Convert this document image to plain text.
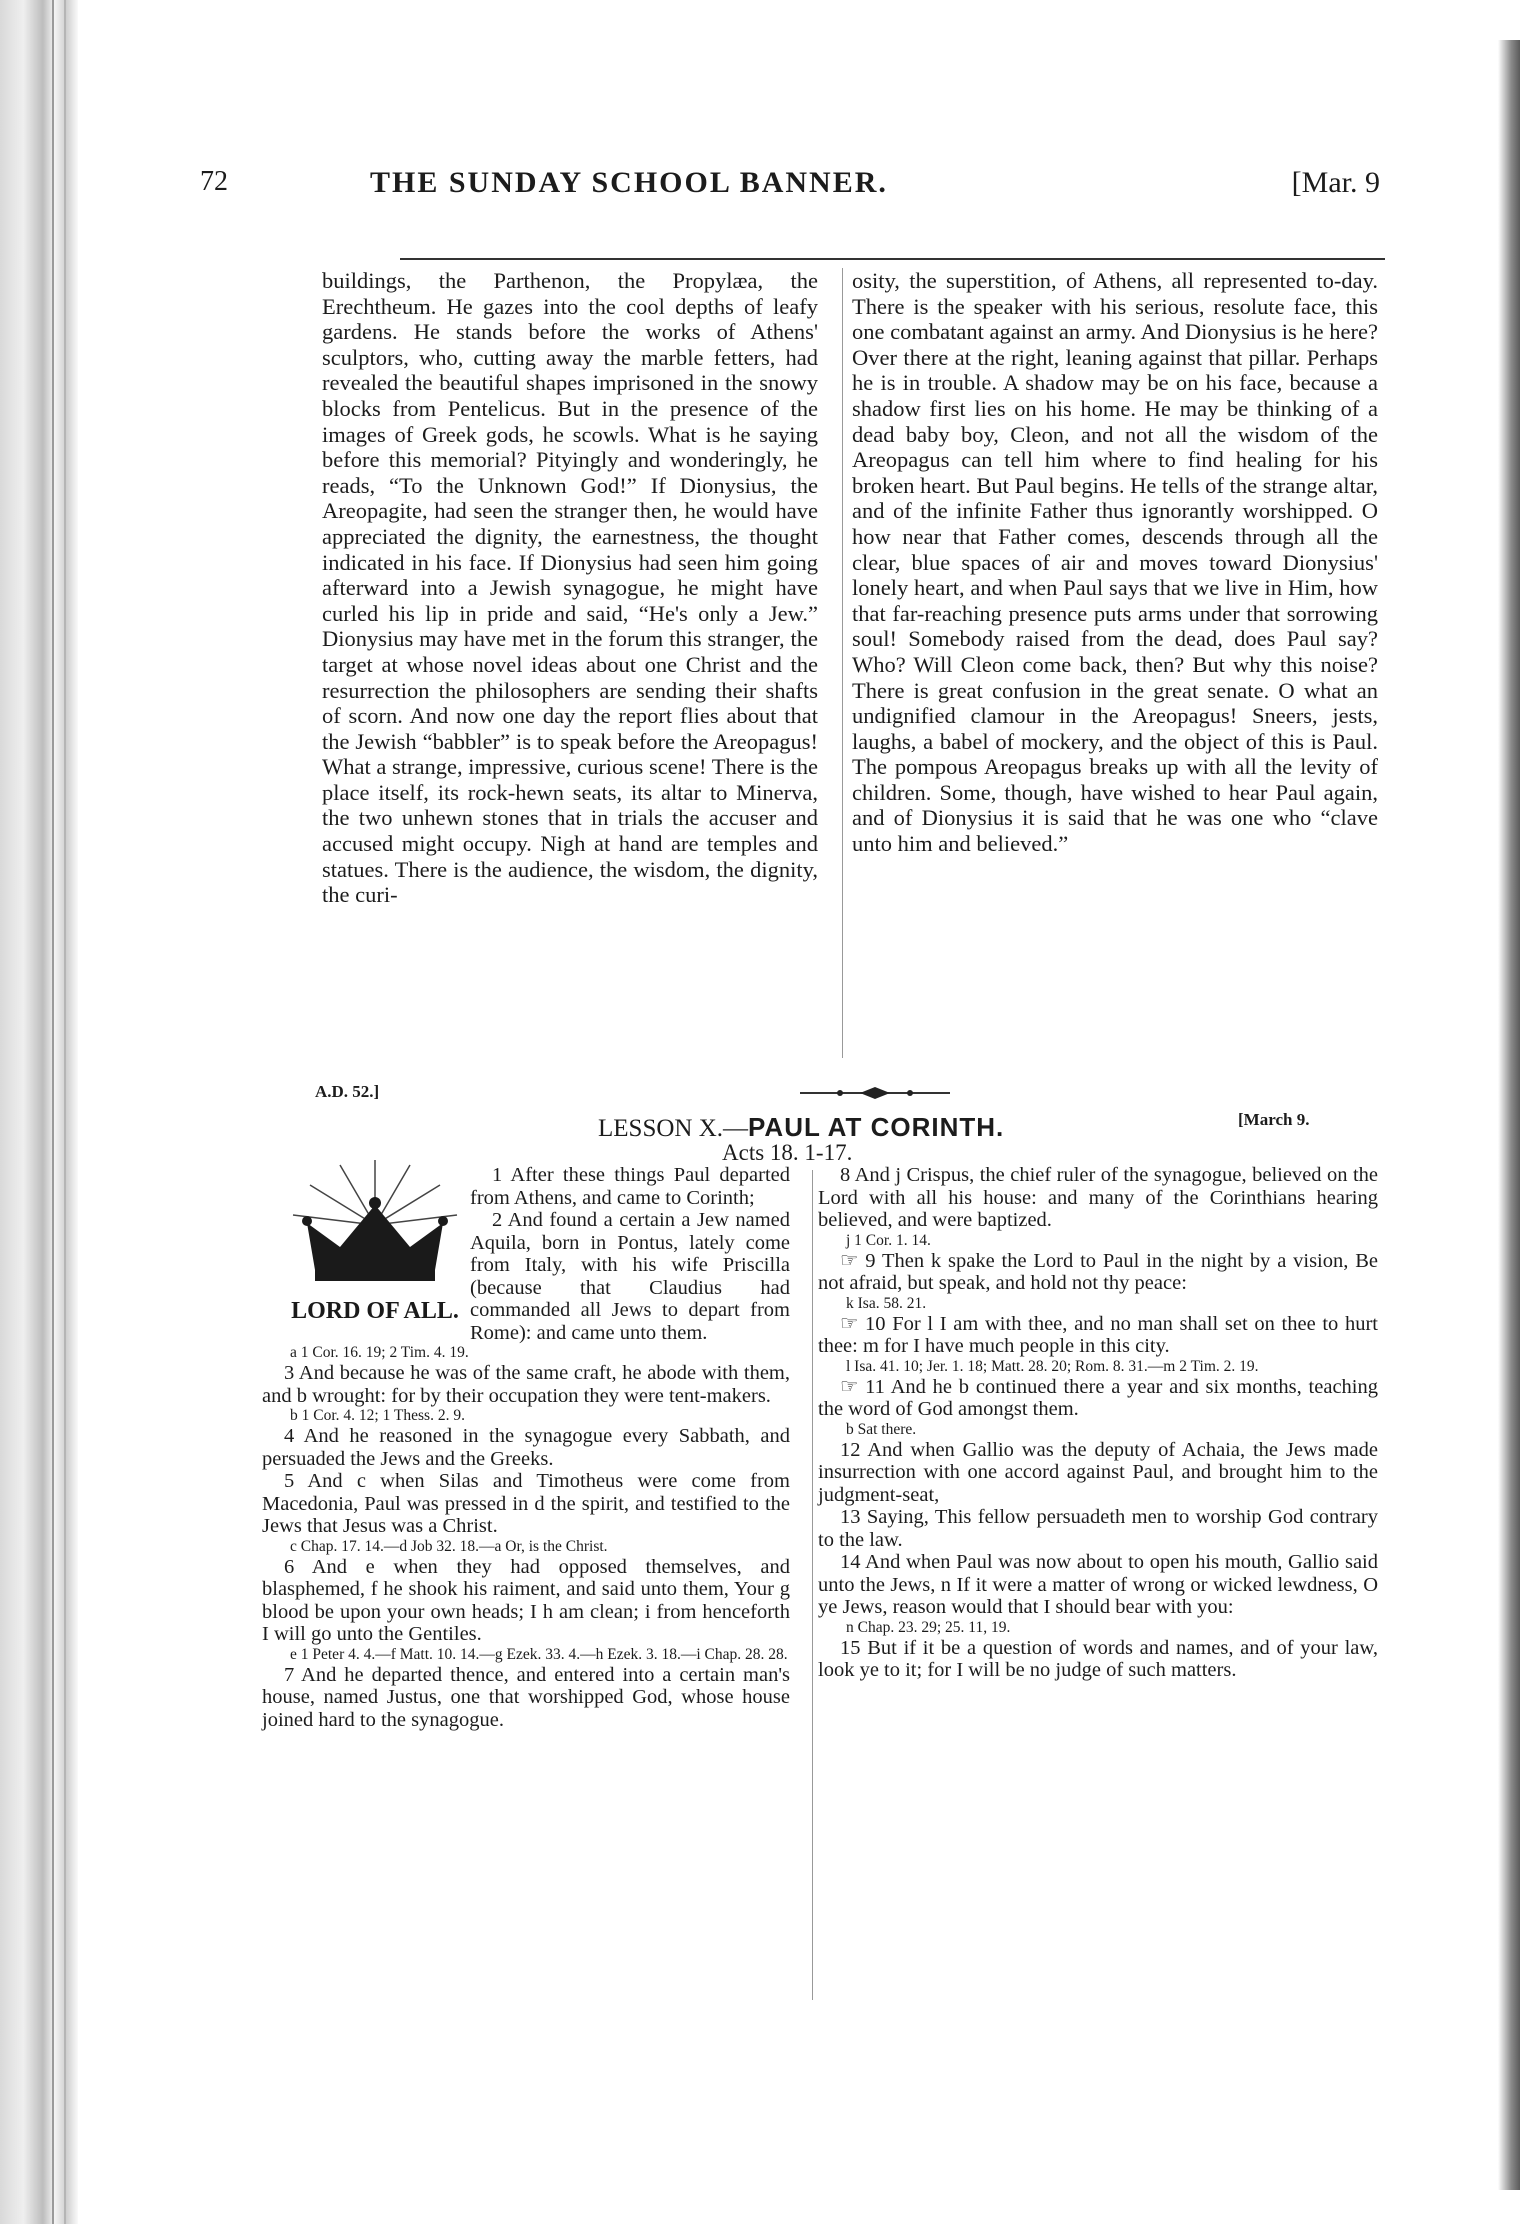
72	THE SUNDAY SCHOOL BANNER.	[Mar. 9

buildings, the Parthenon, the Propylæa, the Erechtheum. He gazes into the cool depths of leafy gardens. He stands before the works of Athens' sculptors, who, cutting away the marble fetters, had revealed the beautiful shapes imprisoned in the snowy blocks from Pentelicus. But in the presence of the images of Greek gods, he scowls. What is he saying before this memorial? Pityingly and wonderingly, he reads, “To the Unknown God!” If Dionysius, the Areopagite, had seen the stranger then, he would have appreciated the dignity, the earnestness, the thought indicated in his face. If Dionysius had seen him going afterward into a Jewish synagogue, he might have curled his lip in pride and said, “He's only a Jew.” Dionysius may have met in the forum this stranger, the target at whose novel ideas about one Christ and the resurrection the philosophers are sending their shafts of scorn. And now one day the report flies about that the Jewish “babbler” is to speak before the Areopagus! What a strange, impressive, curious scene! There is the place itself, its rock-hewn seats, its altar to Minerva, the two unhewn stones that in trials the accuser and accused might occupy. Nigh at hand are temples and statues. There is the audience, the wisdom, the dignity, the curi-

osity, the superstition, of Athens, all represented to-day. There is the speaker with his serious, resolute face, this one combatant against an army. And Dionysius is he here? Over there at the right, leaning against that pillar. Perhaps he is in trouble. A shadow may be on his face, because a shadow first lies on his home. He may be thinking of a dead baby boy, Cleon, and not all the wisdom of the Areopagus can tell him where to find healing for his broken heart. But Paul begins. He tells of the strange altar, and of the infinite Father thus ignorantly worshipped. O how near that Father comes, descends through all the clear, blue spaces of air and moves toward Dionysius' lonely heart, and when Paul says that we live in Him, how that far-reaching presence puts arms under that sorrowing soul! Somebody raised from the dead, does Paul say? Who? Will Cleon come back, then? But why this noise? There is great confusion in the great senate. O what an undignified clamour in the Areopagus! Sneers, jests, laughs, a babel of mockery, and the object of this is Paul. The pompous Areopagus breaks up with all the levity of children. Some, though, have wished to hear Paul again, and of Dionysius it is said that he was one who “clave unto him and believed.”

A.D. 52.]
LESSON X.—PAUL AT CORINTH.	[March 9.
Acts 18. 1-17.
LORD OF ALL.

1 After these things Paul departed from Athens, and came to Corinth;

2 And found a certain a Jew named Aquila, born in Pontus, lately come from Italy, with his wife Priscilla (because that Claudius had commanded all Jews to depart from Rome): and came unto them.

a 1 Cor. 16. 19; 2 Tim. 4. 19.

3 And because he was of the same craft, he abode with them, and b wrought: for by their occupation they were tent-makers.

b 1 Cor. 4. 12; 1 Thess. 2. 9.

4 And he reasoned in the synagogue every Sabbath, and persuaded the Jews and the Greeks.

5 And c when Silas and Timotheus were come from Macedonia, Paul was pressed in d the spirit, and testified to the Jews that Jesus was a Christ.

c Chap. 17. 14.—d Job 32. 18.—a Or, is the Christ.

6 And e when they had opposed themselves, and blasphemed, f he shook his raiment, and said unto them, Your g blood be upon your own heads; I h am clean; i from henceforth I will go unto the Gentiles.

e 1 Peter 4. 4.—f Matt. 10. 14.—g Ezek. 33. 4.—h Ezek. 3. 18.—i Chap. 28. 28.

7 And he departed thence, and entered into a certain man's house, named Justus, one that worshipped God, whose house joined hard to the synagogue.

8 And j Crispus, the chief ruler of the synagogue, believed on the Lord with all his house: and many of the Corinthians hearing believed, and were baptized.

j 1 Cor. 1. 14.

☞ 9 Then k spake the Lord to Paul in the night by a vision, Be not afraid, but speak, and hold not thy peace:

k Isa. 58. 21.

☞ 10 For l I am with thee, and no man shall set on thee to hurt thee: m for I have much people in this city.

l Isa. 41. 10; Jer. 1. 18; Matt. 28. 20; Rom. 8. 31.—m 2 Tim. 2. 19.

☞ 11 And he b continued there a year and six months, teaching the word of God amongst them.

b Sat there.

12 And when Gallio was the deputy of Achaia, the Jews made insurrection with one accord against Paul, and brought him to the judgment-seat,

13 Saying, This fellow persuadeth men to worship God contrary to the law.

14 And when Paul was now about to open his mouth, Gallio said unto the Jews, n If it were a matter of wrong or wicked lewdness, O ye Jews, reason would that I should bear with you:

n Chap. 23. 29; 25. 11, 19.

15 But if it be a question of words and names, and of your law, look ye to it; for I will be no judge of such matters.
